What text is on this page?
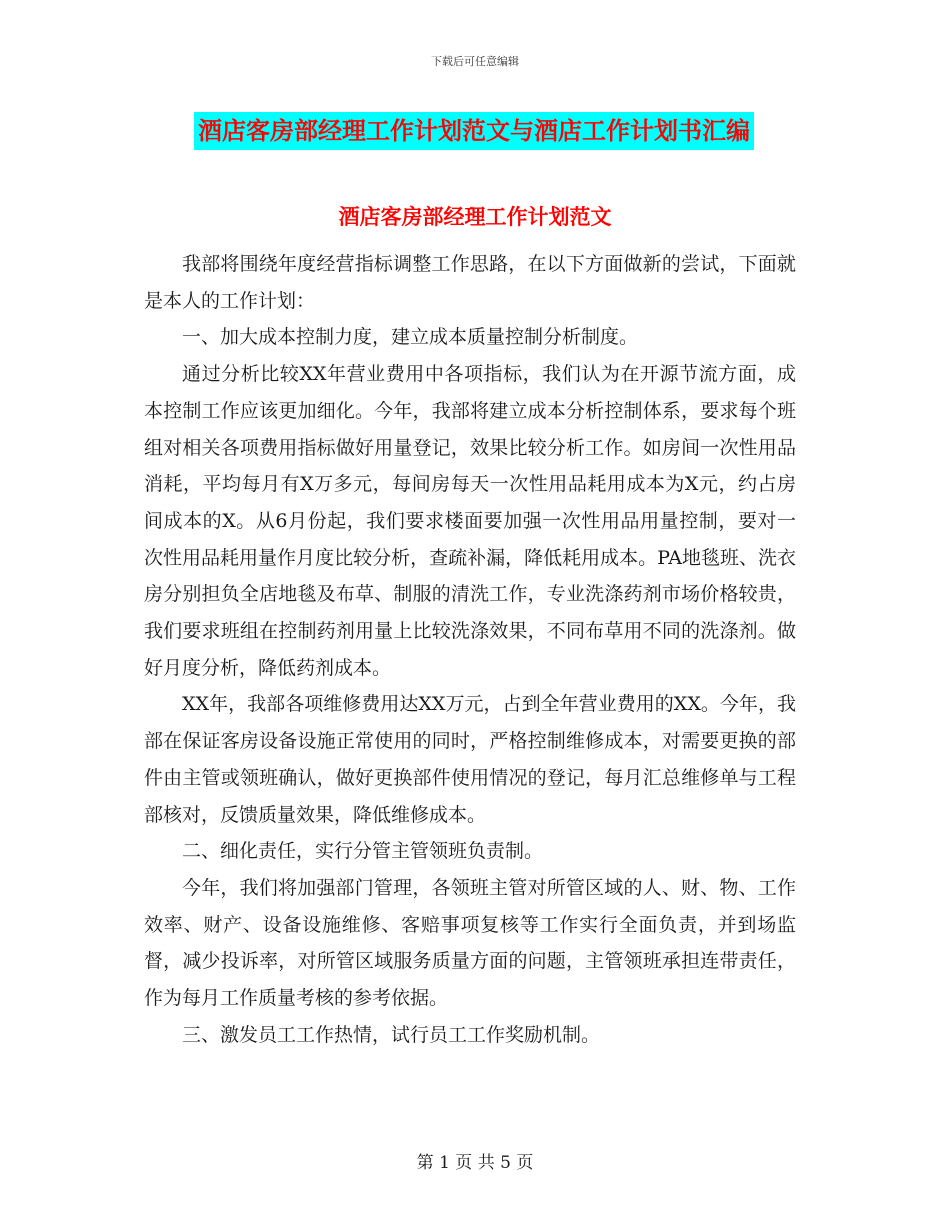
下载后可任意编辑
酒店客房部经理工作计划范文与酒店工作计划书汇编
酒店客房部经理工作计划范文

我部将围绕年度经营指标调整工作思路，在以下方面做新的尝试，下面就是本人的工作计划：

一、加大成本控制力度，建立成本质量控制分析制度。

通过分析比较XX年营业费用中各项指标，我们认为在开源节流方面，成本控制工作应该更加细化。今年，我部将建立成本分析控制体系，要求每个班组对相关各项费用指标做好用量登记，效果比较分析工作。如房间一次性用品消耗，平均每月有X万多元，每间房每天一次性用品耗用成本为X元，约占房间成本的X。从6月份起，我们要求楼面要加强一次性用品用量控制，要对一次性用品耗用量作月度比较分析，查疏补漏，降低耗用成本。PA地毯班、洗衣房分别担负全店地毯及布草、制服的清洗工作，专业洗涤药剂市场价格较贵，我们要求班组在控制药剂用量上比较洗涤效果，不同布草用不同的洗涤剂。做好月度分析，降低药剂成本。

XX年，我部各项维修费用达XX万元，占到全年营业费用的XX。今年，我部在保证客房设备设施正常使用的同时，严格控制维修成本，对需要更换的部件由主管或领班确认，做好更换部件使用情况的登记，每月汇总维修单与工程部核对，反馈质量效果，降低维修成本。

二、细化责任，实行分管主管领班负责制。

今年，我们将加强部门管理，各领班主管对所管区域的人、财、物、工作效率、财产、设备设施维修、客赔事项复核等工作实行全面负责，并到场监督，减少投诉率，对所管区域服务质量方面的问题，主管领班承担连带责任，作为每月工作质量考核的参考依据。

三、激发员工工作热情，试行员工工作奖励机制。

第 1 页 共 5 页
